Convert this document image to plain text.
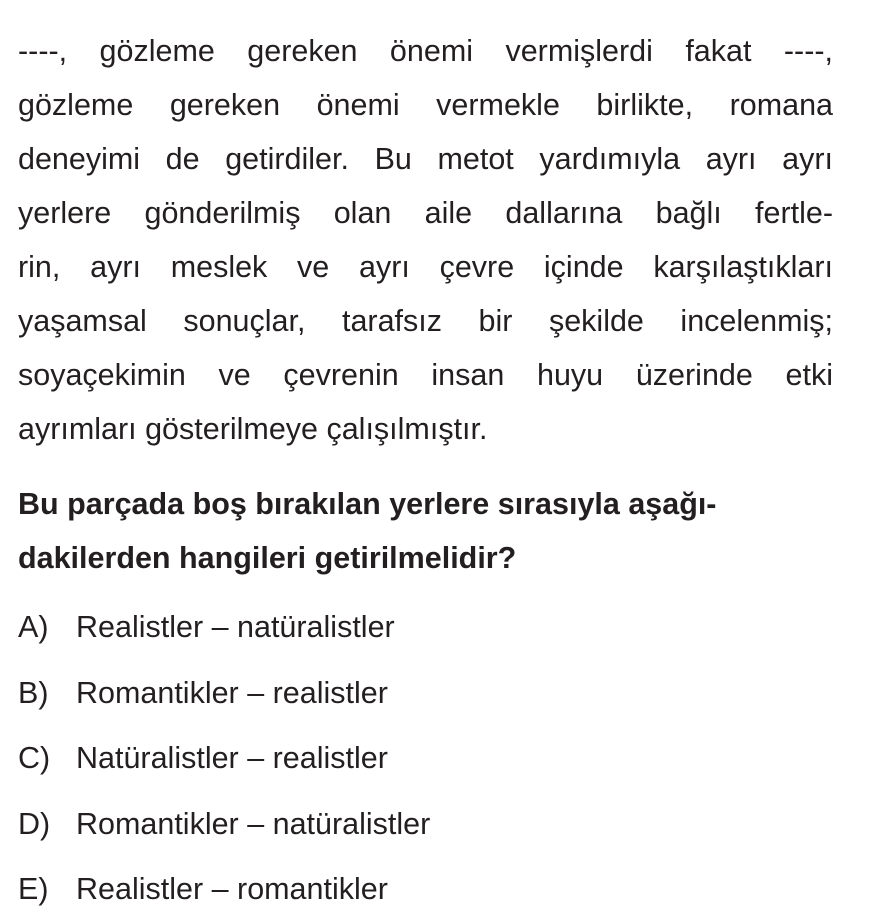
----, gözleme gereken önemi vermişlerdi fakat ----,
gözleme gereken önemi vermekle birlikte, romana
deneyimi de getirdiler. Bu metot yardımıyla ayrı ayrı
yerlere gönderilmiş olan aile dallarına bağlı fertle-
rin, ayrı meslek ve ayrı çevre içinde karşılaştıkları
yaşamsal sonuçlar, tarafsız bir şekilde incelenmiş;
soyaçekimin ve çevrenin insan huyu üzerinde etki
ayrımları gösterilmeye çalışılmıştır.
Bu parçada boş bırakılan yerlere sırasıyla aşağı-
dakilerden hangileri getirilmelidir?
A) Realistler – natüralistler
B) Romantikler – realistler
C) Natüralistler – realistler
D) Romantikler – natüralistler
E) Realistler – romantikler
